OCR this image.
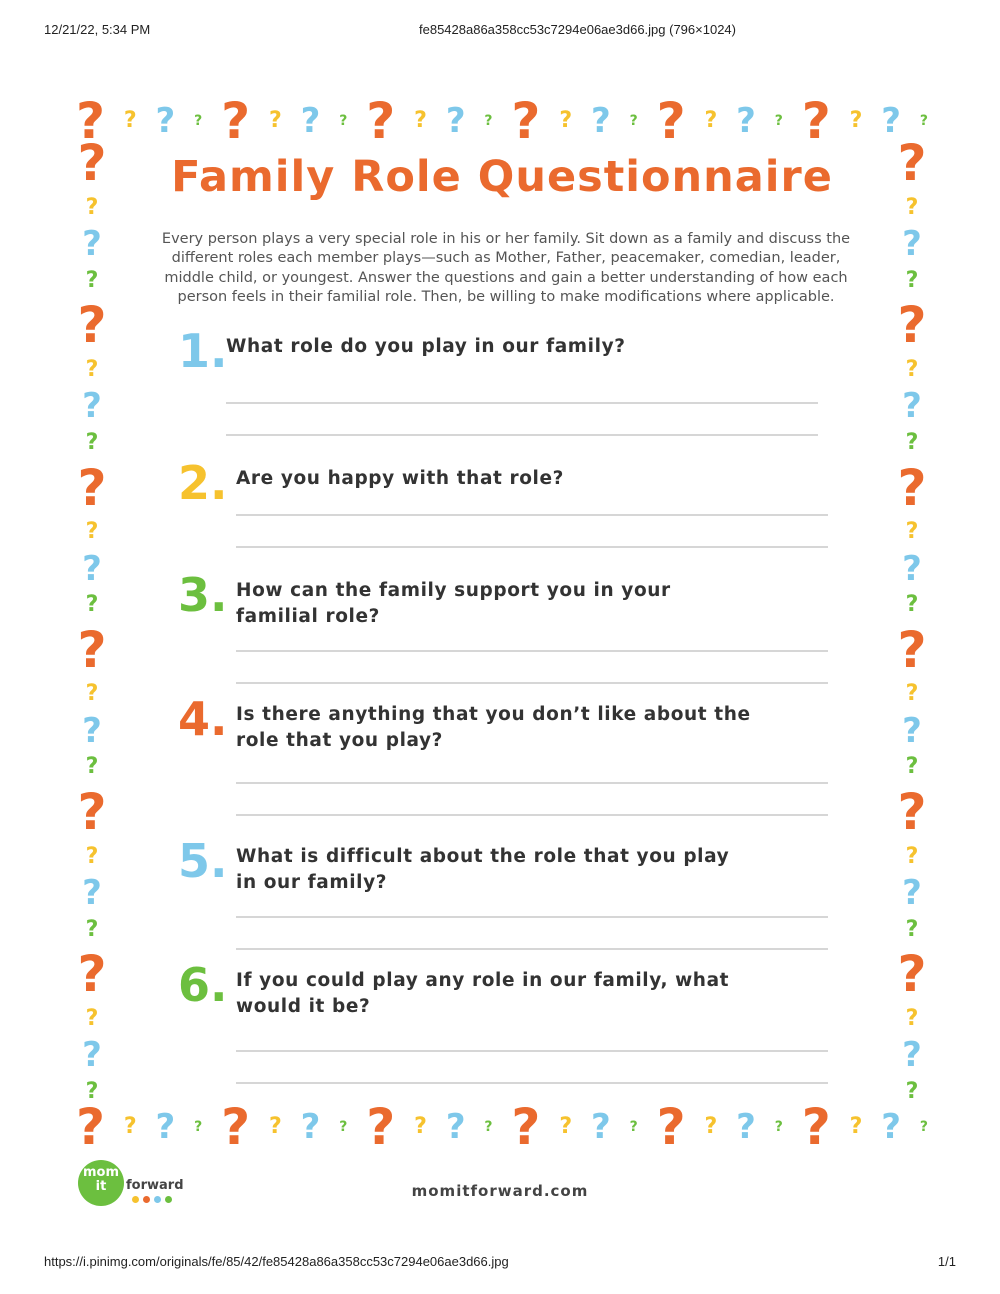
12/21/22, 5:34 PM	fe85428a86a358cc53c7294e06ae3d66.jpg (796×1024)
? ? ? ? ? ? ? ? ? ? ? ? ? ? ? ? ? ? ? ? ? ? ? ?
? ? ? ? ? ? ? ? ? ? ? ? ? ? ? ? ? ? ? ? ? ? ? ?
?
?
?
?
?
?
?
?
?
?
?
?
?
?
?
?
?
?
?
?
?
?
?
?
?
?
?
?
?
?
?
?
?
?
?
?
?
?
?
?
?
?
?
?
?
?
?
?
Family Role Questionnaire
Every person plays a very special role in his or her family. Sit down as a family and discuss the
different roles each member plays—such as Mother, Father, peacemaker, comedian, leader,
middle child, or youngest. Answer the questions and gain a better understanding of how each
person feels in their familial role. Then, be willing to make modifications where applicable.
1.
What role do you play in our family?
2. Are you happy with that role?
3. How can the family support you in your
familial role?
4. Is there anything that you don’t like about the
role that you play?
5. What is difficult about the role that you play
in our family?
6. If you could play any role in our family, what
would it be?
mom
it	forward	momitforward.com
https://i.pinimg.com/originals/fe/85/42/fe85428a86a358cc53c7294e06ae3d66.jpg	1/1
